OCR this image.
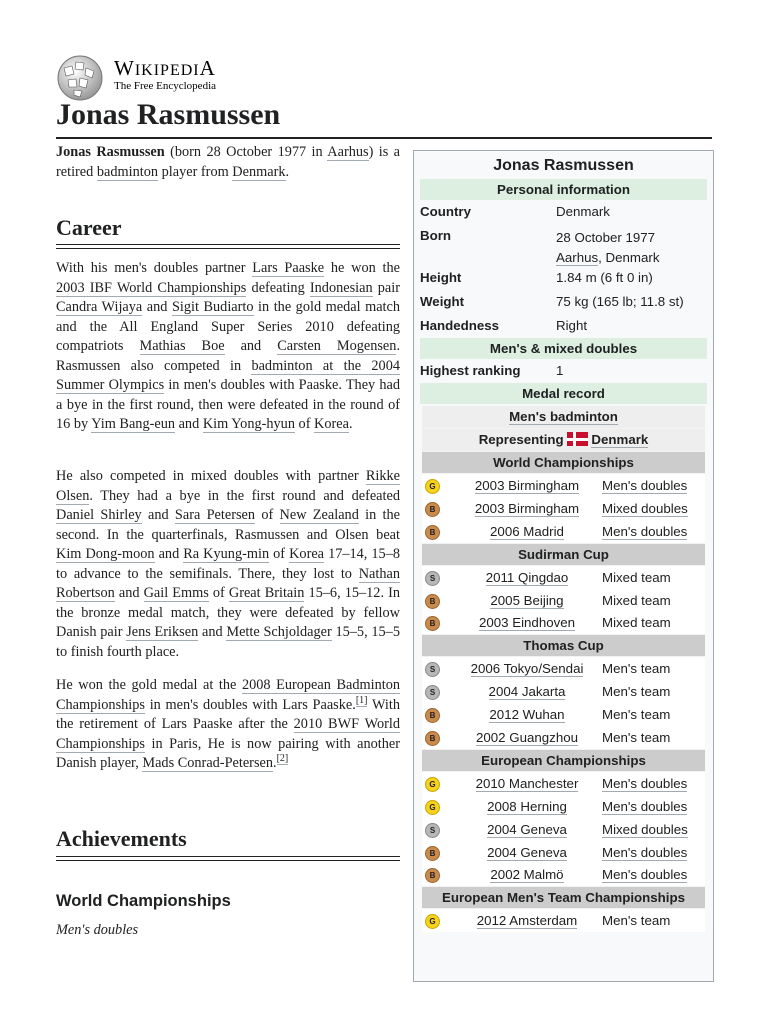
WIKIPEDIA
The Free Encyclopedia
Jonas Rasmussen

Jonas Rasmussen (born 28 October 1977 in Aarhus) is a retired badminton player from Denmark.

Career

With his men's doubles partner Lars Paaske he won the 2003 IBF World Championships defeating Indonesian pair Candra Wijaya and Sigit Budiarto in the gold medal match and the All England Super Series 2010 defeating compatriots Mathias Boe and Carsten Mogensen. Rasmussen also competed in badminton at the 2004 Summer Olympics in men's doubles with Paaske. They had a bye in the first round, then were defeated in the round of 16 by Yim Bang-eun and Kim Yong-hyun of Korea.

He also competed in mixed doubles with partner Rikke Olsen. They had a bye in the first round and defeated Daniel Shirley and Sara Petersen of New Zealand in the second. In the quarterfinals, Rasmussen and Olsen beat Kim Dong-moon and Ra Kyung-min of Korea 17–14, 15–8 to advance to the semifinals. There, they lost to Nathan Robertson and Gail Emms of Great Britain 15–6, 15–12. In the bronze medal match, they were defeated by fellow Danish pair Jens Eriksen and Mette Schjoldager 15–5, 15–5 to finish fourth place.

He won the gold medal at the 2008 European Badminton Championships in men's doubles with Lars Paaske.[1] With the retirement of Lars Paaske after the 2010 BWF World Championships in Paris, He is now pairing with another Danish player, Mads Conrad-Petersen.[2]

Achievements
World Championships
Men's doubles
Jonas Rasmussen
Personal information
Country	Denmark
Born	28 October 1977
Aarhus, Denmark
Height	1.84 m (6 ft 0 in)
Weight	75 kg (165 lb; 11.8 st)
Handedness	Right
Men's & mixed doubles
Highest ranking	1
Medal record
Men's badminton
Representing Denmark
World Championships
G	2003 Birmingham	Men's doubles
B	2003 Birmingham	Mixed doubles
B	2006 Madrid	Men's doubles
Sudirman Cup
S	2011 Qingdao	Mixed team
B	2005 Beijing	Mixed team
B	2003 Eindhoven	Mixed team
Thomas Cup
S	2006 Tokyo/Sendai	Men's team
S	2004 Jakarta	Men's team
B	2012 Wuhan	Men's team
B	2002 Guangzhou	Men's team
European Championships
G	2010 Manchester	Men's doubles
G	2008 Herning	Men's doubles
S	2004 Geneva	Mixed doubles
B	2004 Geneva	Men's doubles
B	2002 Malmö	Men's doubles
European Men's Team Championships
G	2012 Amsterdam	Men's team
